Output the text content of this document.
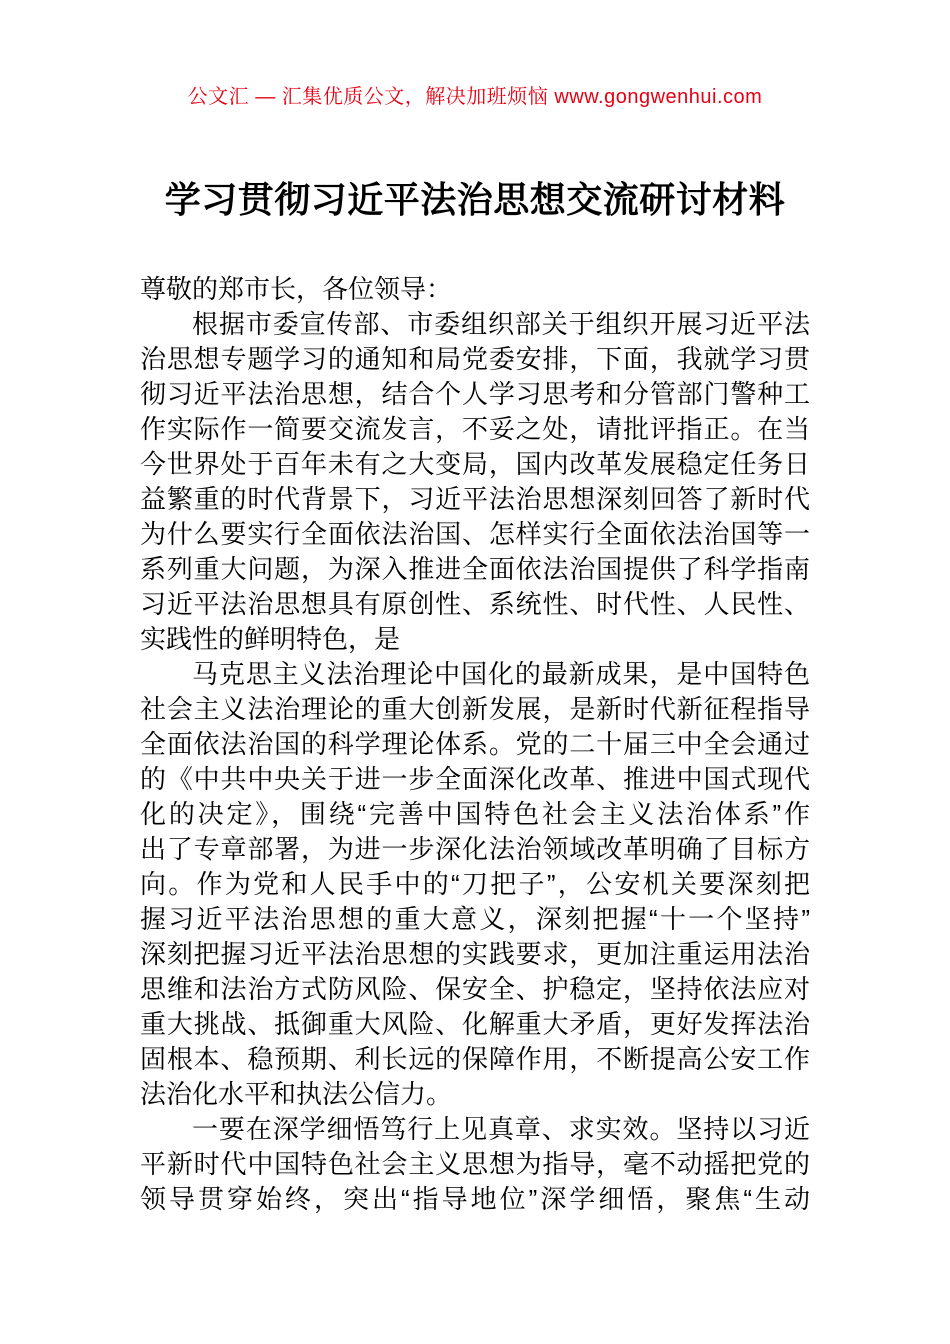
公文汇 — 汇集优质公文，解决加班烦恼 www.gongwenhui.com
学习贯彻习近平法治思想交流研讨材料
尊敬的郑市长，各位领导：
根据市委宣传部、市委组织部关于组织开展习近平法
治思想专题学习的通知和局党委安排，下面，我就学习贯
彻习近平法治思想，结合个人学习思考和分管部门警种工
作实际作一简要交流发言，不妥之处，请批评指正。在当
今世界处于百年未有之大变局，国内改革发展稳定任务日
益繁重的时代背景下，习近平法治思想深刻回答了新时代
为什么要实行全面依法治国、怎样实行全面依法治国等一
系列重大问题，为深入推进全面依法治国提供了科学指南
习近平法治思想具有原创性、系统性、时代性、人民性、
实践性的鲜明特色，是
马克思主义法治理论中国化的最新成果，是中国特色
社会主义法治理论的重大创新发展，是新时代新征程指导
全面依法治国的科学理论体系。党的二十届三中全会通过
的《中共中央关于进一步全面深化改革、推进中国式现代
化的决定》，围绕“完善中国特色社会主义法治体系”作
出了专章部署，为进一步深化法治领域改革明确了目标方
向。作为党和人民手中的“刀把子”，公安机关要深刻把
握习近平法治思想的重大意义，深刻把握“十一个坚持”
深刻把握习近平法治思想的实践要求，更加注重运用法治
思维和法治方式防风险、保安全、护稳定，坚持依法应对
重大挑战、抵御重大风险、化解重大矛盾，更好发挥法治
固根本、稳预期、利长远的保障作用，不断提高公安工作
法治化水平和执法公信力。
一要在深学细悟笃行上见真章、求实效。坚持以习近
平新时代中国特色社会主义思想为指导，毫不动摇把党的
领导贯穿始终，突出“指导地位”深学细悟，聚焦“生动
